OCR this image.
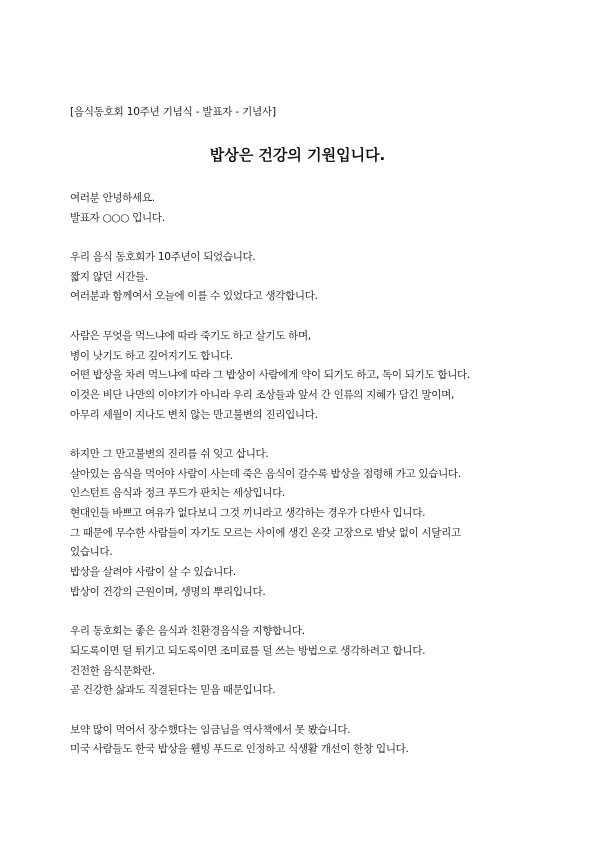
[음식동호회 10주년 기념식 - 발표자 - 기념사]
밥상은 건강의 기원입니다.
여러분 안녕하세요.
발표자 ○○○ 입니다.
우리 음식 동호회가 10주년이 되었습니다.
짧지 않던 시간들.
여러분과 함께여서 오늘에 이를 수 있었다고 생각합니다.
사람은 무엇을 먹느냐에 따라 죽기도 하고 살기도 하며,
병이 낫기도 하고 깊어지기도 합니다.
어떤 밥상을 차려 먹느냐에 따라 그 밥상이 사람에게 약이 되기도 하고, 독이 되기도 합니다.
이것은 비단 나만의 이야기가 아니라 우리 조상들과 앞서 간 인류의 지혜가 담긴 말이며,
아무리 세월이 지나도 변치 않는 만고불변의 진리입니다.
하지만 그 만고불변의 진리를 쉬 잊고 삽니다.
살아있는 음식을 먹어야 사람이 사는데 죽은 음식이 갈수록 밥상을 점령해 가고 있습니다.
인스턴트 음식과 정크 푸드가 판치는 세상입니다.
현대인들 바쁘고 여유가 없다보니 그것 끼니라고 생각하는 경우가 다반사 입니다.
그 때문에 무수한 사람들이 자기도 모르는 사이에 생긴 온갖 고장으로 밤낮 없이 시달리고
있습니다.
밥상을 살려야 사람이 살 수 있습니다.
밥상이 건강의 근원이며, 생명의 뿌리입니다.
우리 동호회는 좋은 음식과 친환경음식을 지향합니다.
되도록이면 덜 튀기고 되도록이면 조미료를 덜 쓰는 방법으로 생각하려고 합니다.
건전한 음식문화란.
곧 건강한 삶과도 직결된다는 믿음 때문입니다.
보약 많이 먹어서 장수했다는 임금님을 역사책에서 못 봤습니다.
미국 사람들도 한국 밥상을 웰빙 푸드로 인정하고 식생활 개선이 한창 입니다.
